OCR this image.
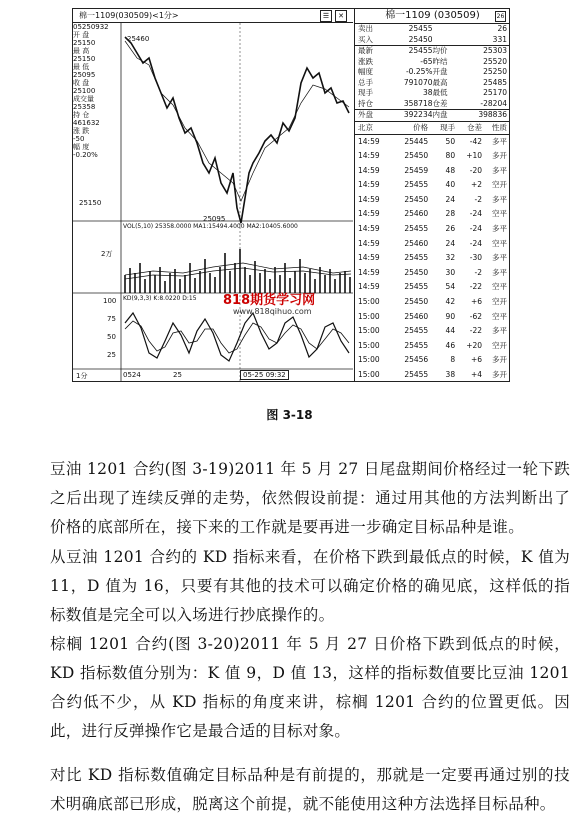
棉一1109(030509)<1分>	☰	✕
05250932
开 盘
25150
最 高
25150
最 低
25095
收 盘
25100
成交量
25358
持 仓
461632
涨 跌
-50
幅 度
-0.20%
25460
25150
25095
VOL(5,10) 25358.0000 MA1:15494.4000 MA2:10405.6000
2万
KD(9,3,3) K:8.0220 D:15
100
75
50
25
1分	0524	25	05-25 09:32
818期货学习网
www.818qihuo.com
棉一1109 (030509)	26
卖出	25455	26
买入	25450	331
最新	25455 均价	25303
涨跌	-65 昨结	25520
幅度	-0.25% 开盘	25250
总手	791070 最高	25485
现手	38 最低	25170
持仓	358718 仓差	-28204
外盘	392234 内盘	398836
北京	价格	现手	仓差	性质
14:59	25445	50	-42	多平
14:59	25450	80	+10	多开
14:59	25459	48	-20	多平
14:59	25455	40	+2	空开
14:59	25450	24	-2	多平
14:59	25460	28	-24	空平
14:59	25455	26	-24	多平
14:59	25460	24	-24	空平
14:59	25455	32	-30	多平
14:59	25450	30	-2	多平
14:59	25455	54	-22	空平
15:00	25450	42	+6	空开
15:00	25460	90	-62	空平
15:00	25455	44	-22	多平
15:00	25455	46	+20	空开
15:00	25456	8	+6	多开
15:00	25455	38	+4	多开
图 3-18
豆油 1201 合约(图 3-19)2011 年 5 月 27 日尾盘期间价格经过一轮下跌之后出现了连续反弹的走势，依然假设前提：通过用其他的方法判断出了价格的底部所在，接下来的工作就是要再进一步确定目标品种是谁。
从豆油 1201 合约的 KD 指标来看，在价格下跌到最低点的时候，K 值为 11，D 值为 16，只要有其他的技术可以确定价格的确见底，这样低的指标数值是完全可以入场进行抄底操作的。
棕榈 1201 合约(图 3-20)2011 年 5 月 27 日价格下跌到低点的时候，KD 指标数值分别为：K 值 9，D 值 13，这样的指标数值要比豆油 1201 合约低不少，从 KD 指标的角度来讲，棕榈 1201 合约的位置更低。因此，进行反弹操作它是最合适的目标对象。
对比 KD 指标数值确定目标品种是有前提的，那就是一定要再通过别的技术明确底部已形成，脱离这个前提，就不能使用这种方法选择目标品种。
